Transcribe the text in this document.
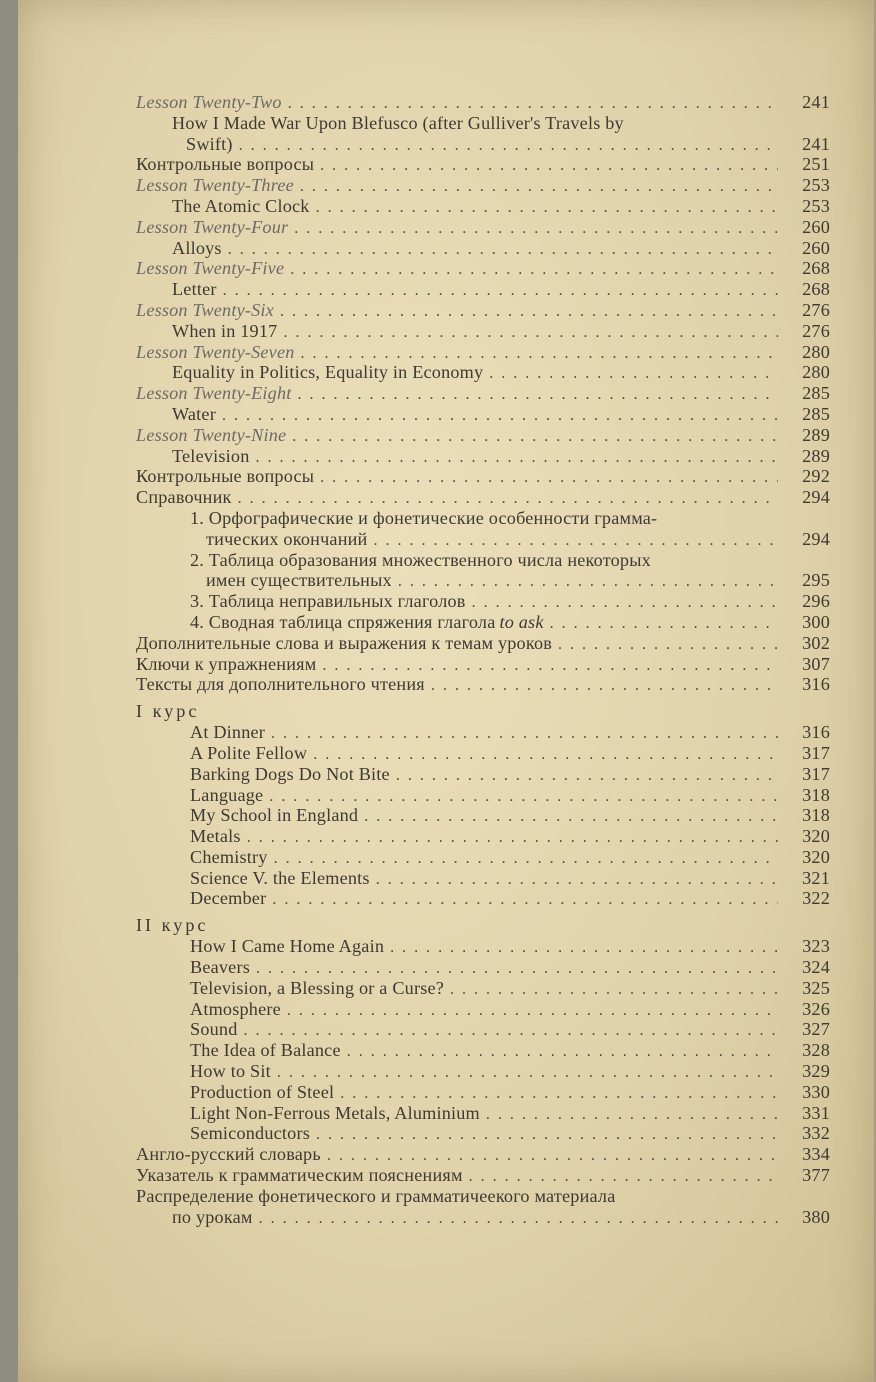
Lesson Twenty-Two . . .	241
How I Made War Upon Blefusco (after Gulliver's Travels by
Swift) . . .	241
Контрольные вопросы . . .	251
Lesson Twenty-Three . . .	253
The Atomic Clock . . .	253
Lesson Twenty-Four . . .	260
Alloys . . .	260
Lesson Twenty-Five . . .	268
Letter . . .	268
Lesson Twenty-Six . . .	276
When in 1917 . . .	276
Lesson Twenty-Seven . . .	280
Equality in Politics, Equality in Economy . . .	280
Lesson Twenty-Eight . . .	285
Water . . .	285
Lesson Twenty-Nine . . .	289
Television . . .	289
Контрольные вопросы . . .	292
Справочник . . .	294
1. Орфографические и фонетические особенности грамма-
тических окончаний . . .	294
2. Таблица образования множественного числа некоторых
имен существительных . . .	295
3. Таблица неправильных глаголов . . .	296
4. Сводная таблица спряжения глагола to ask . . .	300
Дополнительные слова и выражения к темам уроков . . .	302
Ключи к упражнениям . . .	307
Тексты для дополнительного чтения . . .	316
I курс
At Dinner . . .	316
A Polite Fellow . . .	317
Barking Dogs Do Not Bite . . .	317
Language . . .	318
My School in England . . .	318
Metals . . .	320
Chemistry . . .	320
Science V. the Elements . . .	321
December . . .	322
II курс
How I Came Home Again . . .	323
Beavers . . .	324
Television, a Blessing or a Curse? . . .	325
Atmosphere . . .	326
Sound . . .	327
The Idea of Balance . . .	328
How to Sit . . .	329
Production of Steel . . .	330
Light Non-Ferrous Metals, Aluminium . . .	331
Semiconductors . . .	332
Англо-русский словарь . . .	334
Указатель к грамматическим пояснениям . . .	377
Распределение фонетического и грамматичеекого материала
по урокам . . .	380
